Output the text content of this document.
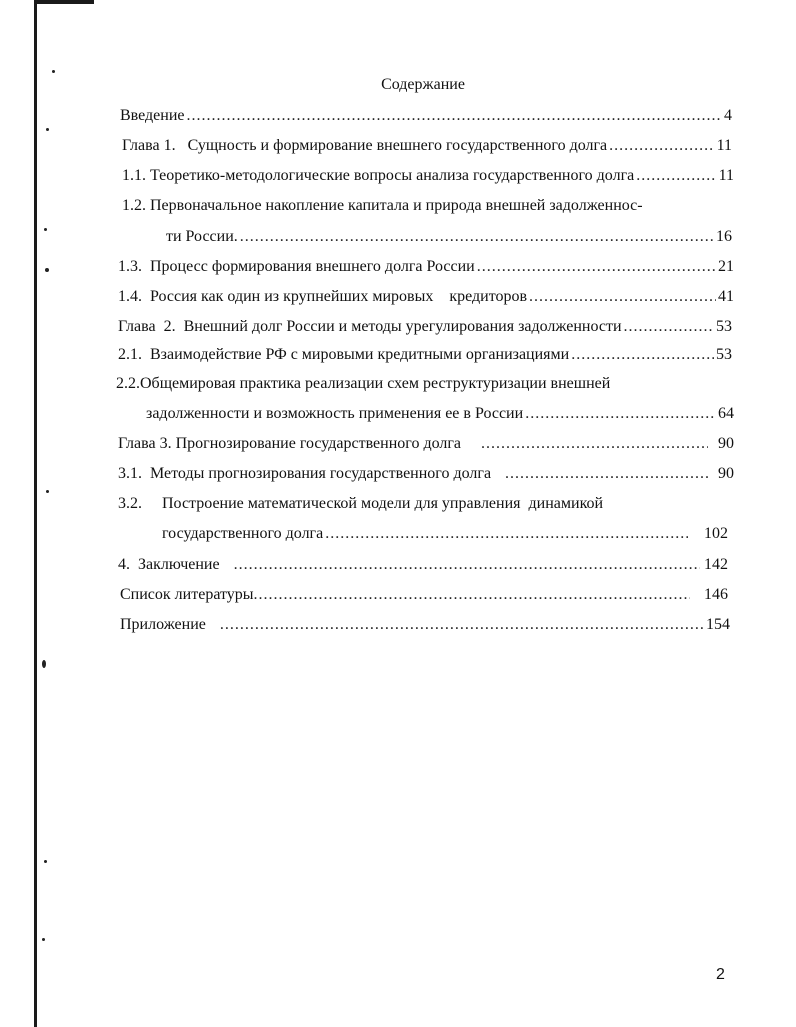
Содержание
Введение .....	4
Глава 1.   Сущность и формирование внешнего государственного долга .....	11
1.1. Теоретико-методологические вопросы анализа государственного долга .....	11
1.2. Первоначальное накопление капитала и природа внешней задолженнос-
ти России. .....	16
1.3.  Процесс формирования внешнего долга России .....	21
1.4.  Россия как один из крупнейших мировых    кредиторов .....	41
Глава  2.  Внешний долг России и методы урегулирования задолженности .....	53
2.1.  Взаимодействие РФ с мировыми кредитными организациями .....	53
2.2.Общемировая практика реализации схем реструктуризации внешней
задолженности и возможность применения ее в России .....	64
Глава 3. Прогнозирование государственного долга .....	90
3.1.  Методы прогнозирования государственного долга .....	90
3.2.     Построение математической модели для управления  динамикой
государственного долга .....	102
4.  Заключение .....	142
Список литературы .....	146
Приложение .....	154
2
